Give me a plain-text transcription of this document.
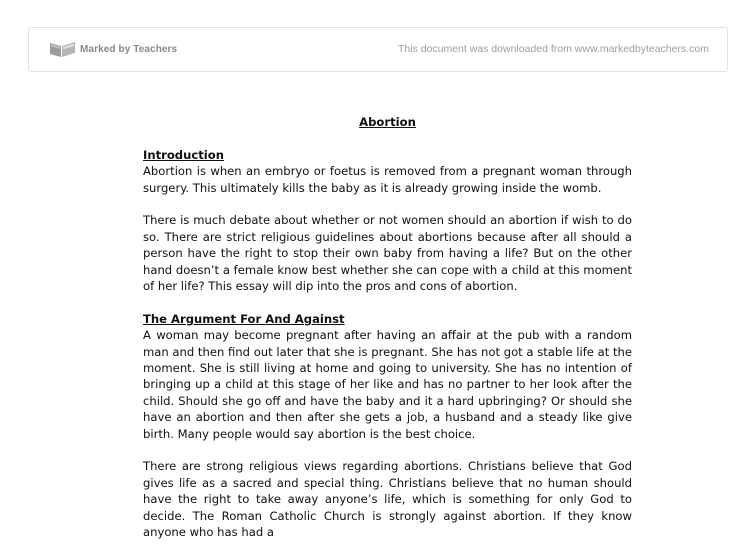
Marked by Teachers	This document was downloaded from www.markedbyteachers.com

Abortion

Introduction

Abortion is when an embryo or foetus is removed from a pregnant woman through surgery. This ultimately kills the baby as it is already growing inside the womb.

There is much debate about whether or not women should an abortion if wish to do so. There are strict religious guidelines about abortions because after all should a person have the right to stop their own baby from having a life? But on the other hand doesn’t a female know best whether she can cope with a child at this moment of her life? This essay will dip into the pros and cons of abortion.

The Argument For And Against

A woman may become pregnant after having an affair at the pub with a random man and then find out later that she is pregnant. She has not got a stable life at the moment. She is still living at home and going to university. She has no intention of bringing up a child at this stage of her like and has no partner to her look after the child. Should she go off and have the baby and it a hard upbringing? Or should she have an abortion and then after she gets a job, a husband and a steady like give birth. Many people would say abortion is the best choice.

There are strong religious views regarding abortions. Christians believe that God gives life as a sacred and special thing. Christians believe that no human should have the right to take away anyone’s life, which is something for only God to decide. The Roman Catholic Church is strongly against abortion. If they know anyone who has had a
